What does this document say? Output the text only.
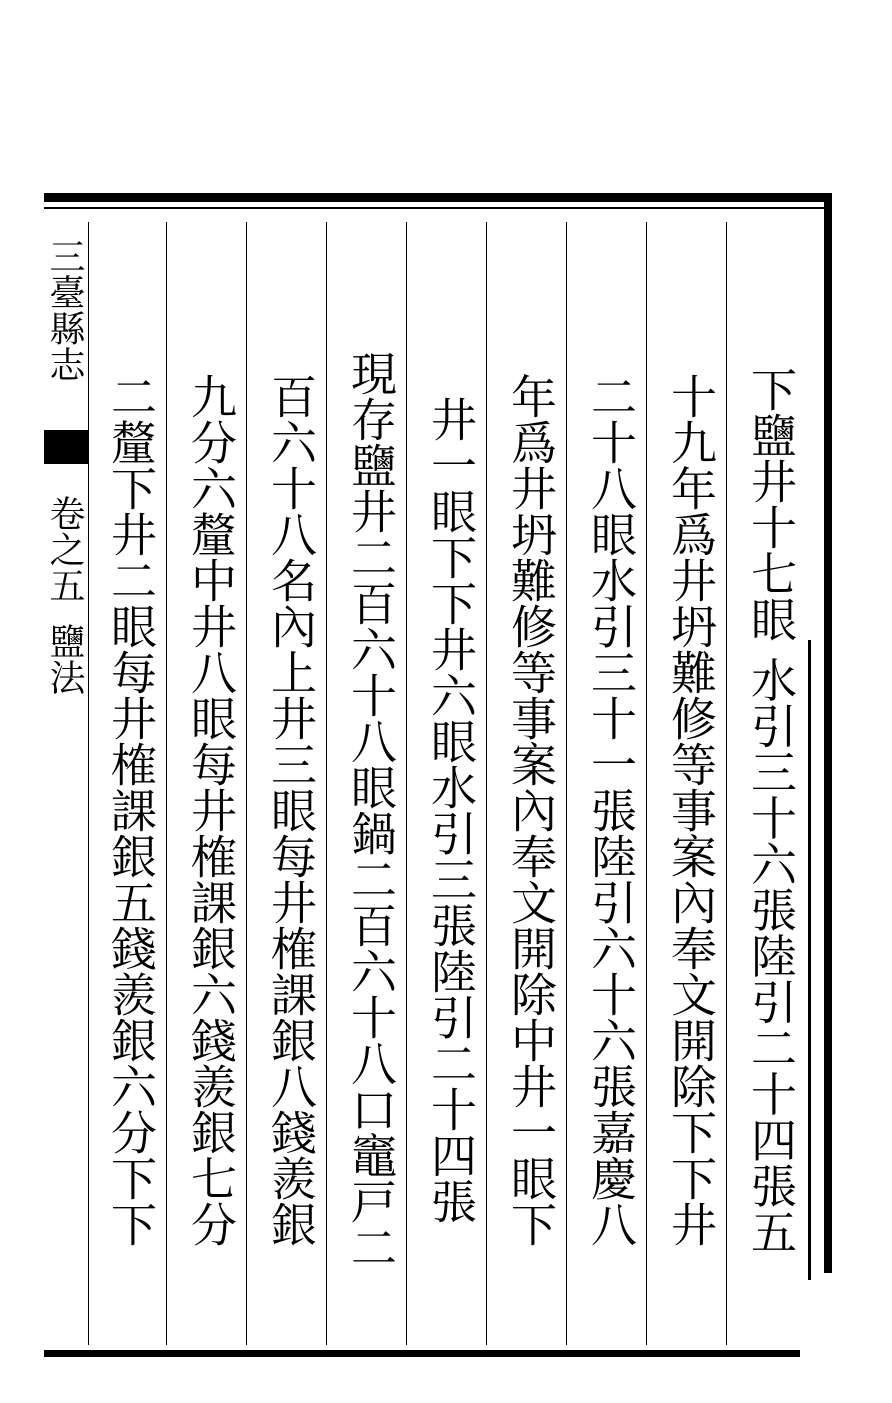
三臺縣志
卷之五
鹽法	下鹽井十七眼 水引三十六張陸引二十四張五
十九年爲井坍難修等事案內奉文開除下下井
二十八眼水引三十一張陸引六十六張嘉慶八
年爲井坍難修等事案內奉文開除中井一眼下
井一眼下下井六眼水引三張陸引二十四張
現存鹽井二百六十八眼鍋二百六十八口竈戸二
百六十八名內上井三眼每井榷課銀八錢羨銀
九分六釐中井八眼每井榷課銀六錢羨銀七分
二釐下井二眼每井榷課銀五錢羨銀六分下下
